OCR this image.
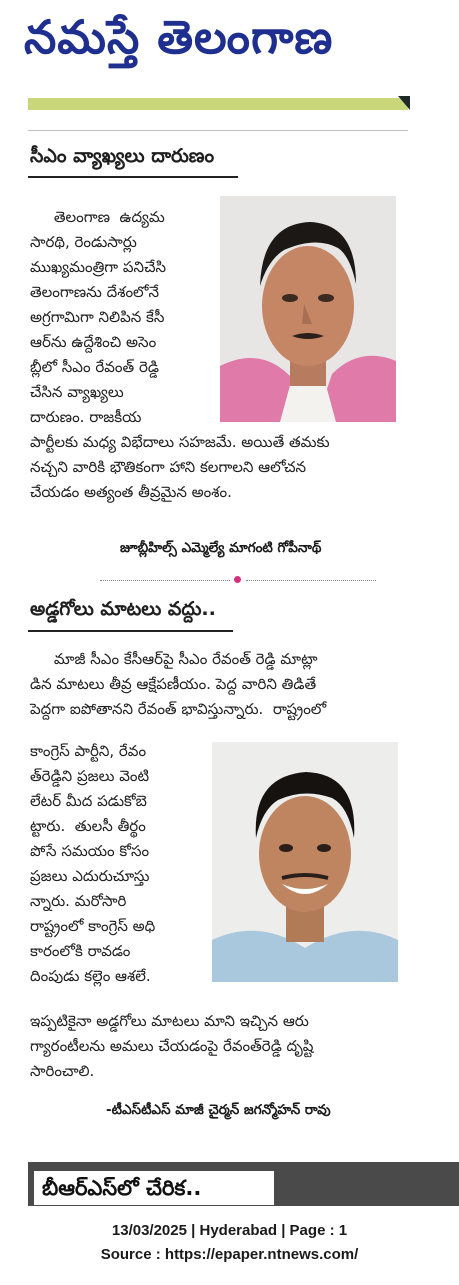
నమస్తే తెలంగాణ
సీఎం వ్యాఖ్యలు దారుణం
తెలంగాణ  ఉద్యమ
సారథి, రెండుసార్లు
ముఖ్యమంత్రిగా పనిచేసి
తెలంగాణను దేశంలోనే
అగ్రగామిగా నిలిపిన కేసీ
ఆర్‌ను ఉద్దేశించి అసెం
బ్లీలో సీఎం రేవంత్ రెడ్డి
చేసిన వ్యాఖ్యలు
దారుణం. రాజకీయ
పార్టీలకు మధ్య విభేదాలు సహజమే. అయితే తమకు
నచ్చని వారికి భౌతికంగా హాని కలగాలని ఆలోచన
చేయడం అత్యంత తీవ్రమైన అంశం.
జూబ్లీహిల్స్ ఎమ్మెల్యే మాగంటి గోపీనాథ్
అడ్డగోలు మాటలు వద్దు..
మాజీ సీఎం కేసీఆర్‌పై సీఎం రేవంత్ రెడ్డి మాట్లా
డిన మాటలు తీవ్ర ఆక్షేపణీయం. పెద్ద వారిని తిడితే
పెద్దగా ఐపోతానని రేవంత్ భావిస్తున్నారు.  రాష్ట్రంలో
కాంగ్రెస్ పార్టీని, రేవం
త్‌రెడ్డిని ప్రజలు వెంటి
లేటర్ మీద పడుకోబె
ట్టారు.  తులసీ తీర్థం
పోసే సమయం కోసం
ప్రజలు ఎదురుచూస్తు
న్నారు. మరోసారి
రాష్ట్రంలో కాంగ్రెస్ అధి
కారంలోకి రావడం
దింపుడు కల్లెం ఆశలే.
ఇప్పటికైనా అడ్డగోలు మాటలు మాని ఇచ్చిన ఆరు
గ్యారంటీలను అమలు చేయడంపై రేవంత్‌రెడ్డి దృష్టి
సారించాలి.
-టీఎస్‌టీఎస్ మాజీ చైర్మన్ జగన్మోహన్ రావు
బీఆర్‌ఎస్‌లో చేరిక..
13/03/2025 | Hyderabad | Page : 1
Source : https://epaper.ntnews.com/
